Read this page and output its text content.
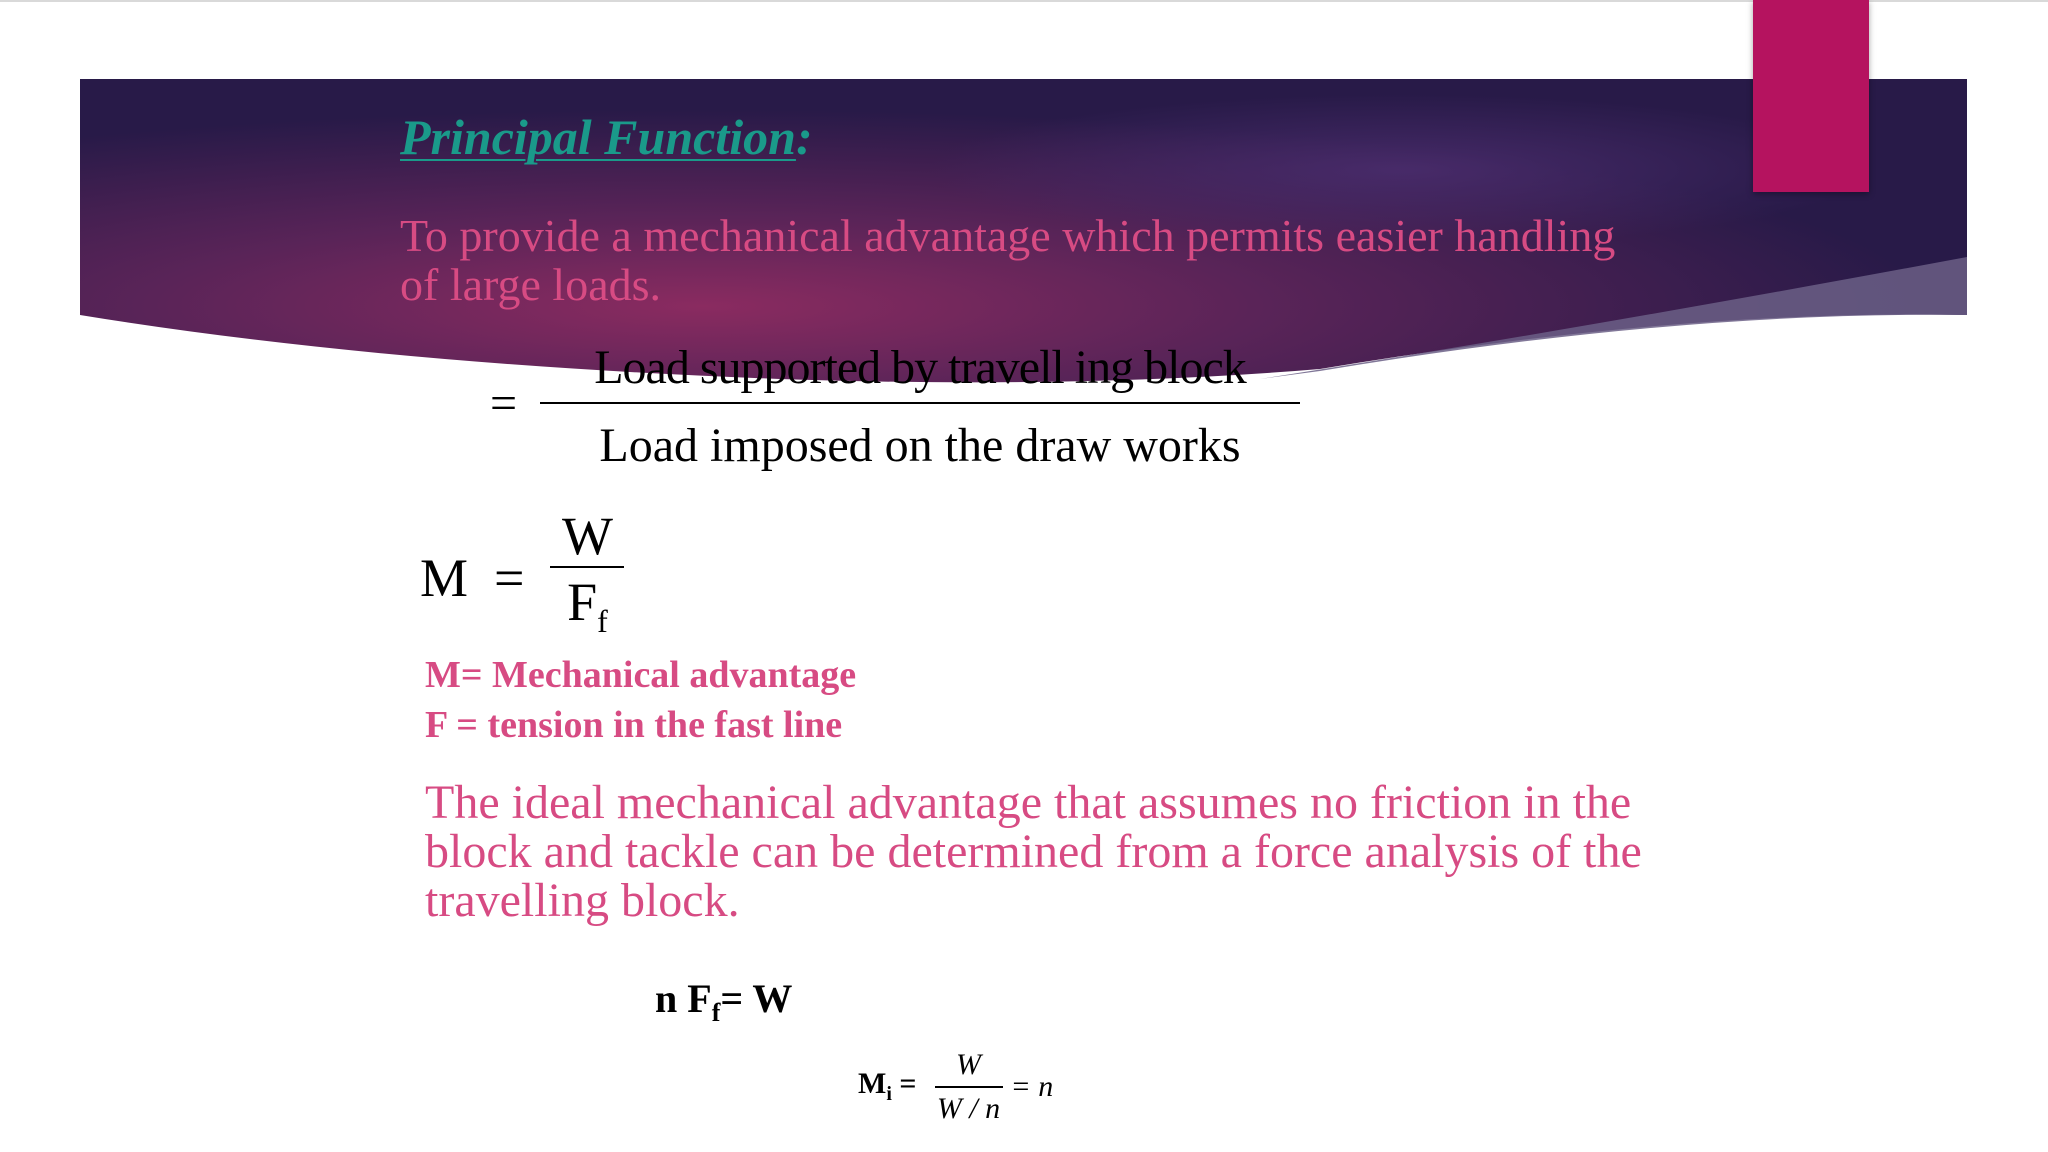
Principal Function:
To provide a mechanical advantage which permits easier handling of large loads.
=
Load supported by travell ing block
Load imposed on the draw works
$M = \frac{W}{F_f}$
M= Mechanical advantage
F = tension in the fast line
The ideal mechanical advantage that assumes no friction in the block and tackle can be determined from a force analysis of the travelling block.
n $F_f= W$
$M_i = \frac{W}{W / n} = n$
